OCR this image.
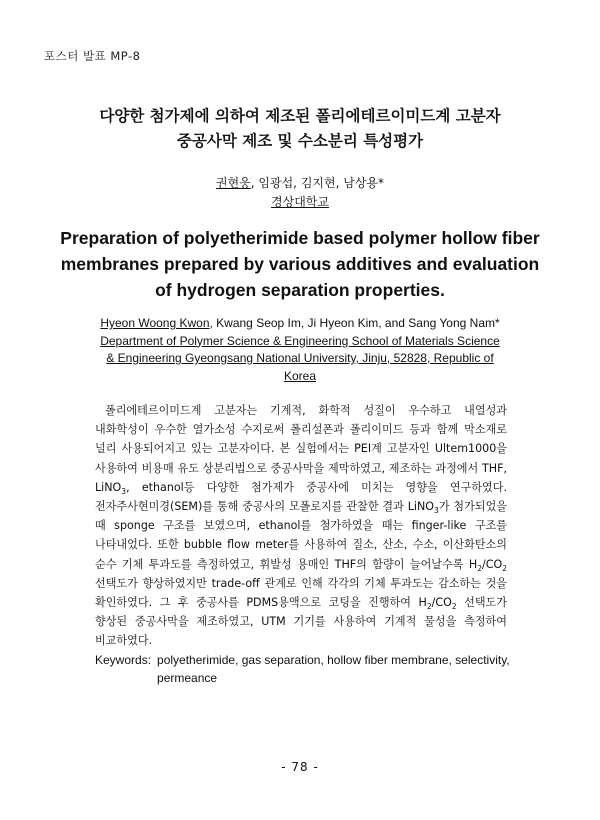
포스터 발표 MP-8
다양한 첨가제에 의하여 제조된 폴리에테르이미드계 고분자
중공사막 제조 및 수소분리 특성평가
권현웅, 임광섭, 김지현, 남상용*
경상대학교
Preparation of polyetherimide based polymer hollow fiber
membranes prepared by various additives and evaluation
of hydrogen separation properties.
Hyeon Woong Kwon, Kwang Seop Im, Ji Hyeon Kim, and Sang Yong Nam*
Department of Polymer Science & Engineering School of Materials Science
& Engineering Gyeongsang National University, Jinju, 52828, Republic of
Korea
폴리에테르이미드계 고분자는 기계적, 화학적 성질이 우수하고 내열성과 내화학성이 우수한 열가소성 수지로써 폴리설폰과 폴리이미드 등과 함께 막소재로 널리 사용되어지고 있는 고분자이다. 본 실험에서는 PEI계 고분자인 Ultem1000을 사용하여 비용매 유도 상분리법으로 중공사막을 제막하였고, 제조하는 과정에서 THF, LiNO$_3$, ethanol등 다양한 첨가제가 중공사에 미치는 영향을 연구하였다. 전자주사현미경(SEM)를 통해 중공사의 모폴로지를 관찰한 결과 LiNO$_3$가 첨가되었을 때 sponge 구조를 보였으며, ethanol를 첨가하였을 때는 finger-like 구조를 나타내었다. 또한 bubble flow meter를 사용하여 질소, 산소, 수소, 이산화탄소의 순수 기체 투과도를 측정하였고, 휘발성 용매인 THF의 함량이 늘어날수록 $H_2/CO_2$ 선택도가 향상하였지만 trade-off 관계로 인해 각각의 기체 투과도는 감소하는 것을 확인하였다. 그 후 중공사를 PDMS용액으로 코팅을 진행하여 $H_2/CO_2$ 선택도가 향상된 중공사막을 제조하였고, UTM 기기를 사용하여 기계적 물성을 측정하여 비교하였다.
Keywords: polyetherimide, gas separation, hollow fiber membrane, selectivity, permeance
- 78 -
